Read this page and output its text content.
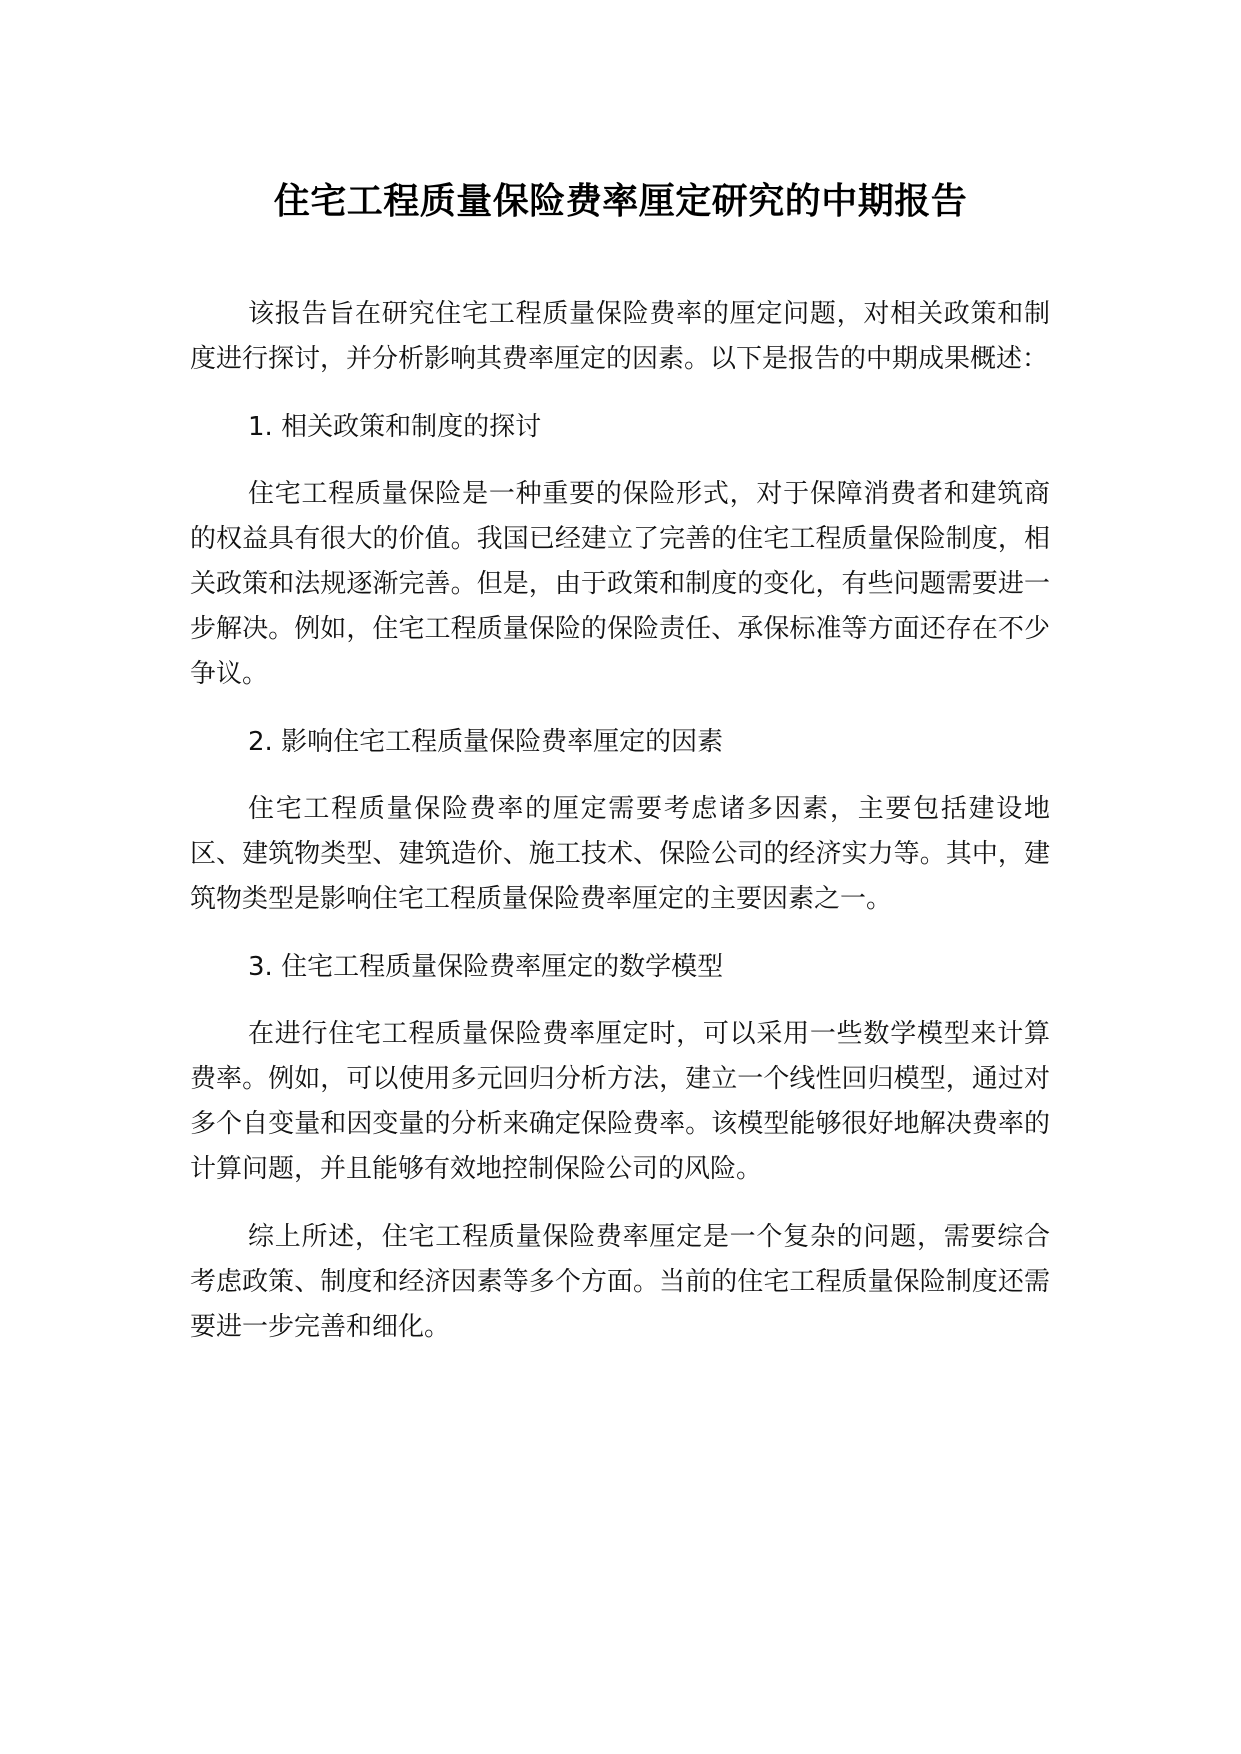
住宅工程质量保险费率厘定研究的中期报告

该报告旨在研究住宅工程质量保险费率的厘定问题，对相关政策和制度进行探讨，并分析影响其费率厘定的因素。以下是报告的中期成果概述：

1. 相关政策和制度的探讨

住宅工程质量保险是一种重要的保险形式，对于保障消费者和建筑商的权益具有很大的价值。我国已经建立了完善的住宅工程质量保险制度，相关政策和法规逐渐完善。但是，由于政策和制度的变化，有些问题需要进一步解决。例如，住宅工程质量保险的保险责任、承保标准等方面还存在不少争议。

2. 影响住宅工程质量保险费率厘定的因素

住宅工程质量保险费率的厘定需要考虑诸多因素，主要包括建设地区、建筑物类型、建筑造价、施工技术、保险公司的经济实力等。其中，建筑物类型是影响住宅工程质量保险费率厘定的主要因素之一。

3. 住宅工程质量保险费率厘定的数学模型

在进行住宅工程质量保险费率厘定时，可以采用一些数学模型来计算费率。例如，可以使用多元回归分析方法，建立一个线性回归模型，通过对多个自变量和因变量的分析来确定保险费率。该模型能够很好地解决费率的计算问题，并且能够有效地控制保险公司的风险。

综上所述，住宅工程质量保险费率厘定是一个复杂的问题，需要综合考虑政策、制度和经济因素等多个方面。当前的住宅工程质量保险制度还需要进一步完善和细化。
